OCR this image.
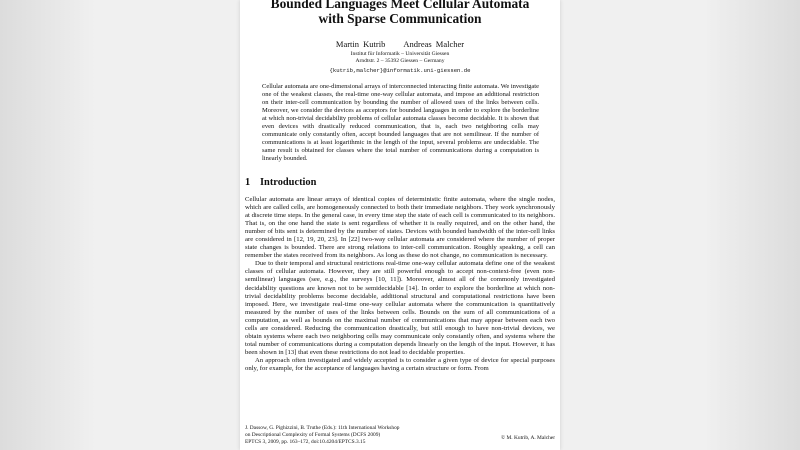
Bounded Languages Meet Cellular Automata
with Sparse Communication
Martin Kutrib Andreas Malcher
Institut für Informatik – Universität Giessen
Arndtstr. 2 – 35392 Giessen – Germany
{kutrib,malcher}@informatik.uni-giessen.de
Cellular automata are one-dimensional arrays of interconnected interacting finite automata. We investigate one of the weakest classes, the real-time one-way cellular automata, and impose an additional restriction on their inter-cell communication by bounding the number of allowed uses of the links between cells. Moreover, we consider the devices as acceptors for bounded languages in order to explore the borderline at which non-trivial decidability problems of cellular automata classes become decidable. It is shown that even devices with drastically reduced communication, that is, each two neighboring cells may communicate only constantly often, accept bounded languages that are not semilinear. If the number of communications is at least logarithmic in the length of the input, several problems are undecidable. The same result is obtained for classes where the total number of communications during a computation is linearly bounded.
1 Introduction

Cellular automata are linear arrays of identical copies of deterministic finite automata, where the single nodes, which are called cells, are homogeneously connected to both their immediate neighbors. They work synchronously at discrete time steps. In the general case, in every time step the state of each cell is communicated to its neighbors. That is, on the one hand the state is sent regardless of whether it is really required, and on the other hand, the number of bits sent is determined by the number of states. Devices with bounded bandwidth of the inter-cell links are considered in [12, 19, 20, 23]. In [22] two-way cellular automata are considered where the number of proper state changes is bounded. There are strong relations to inter-cell communication. Roughly speaking, a cell can remember the states received from its neighbors. As long as these do not change, no communication is necessary.

Due to their temporal and structural restrictions real-time one-way cellular automata define one of the weakest classes of cellular automata. However, they are still powerful enough to accept non-context-free (even non-semilinear) languages (see, e.g., the surveys [10, 11]). Moreover, almost all of the commonly investigated decidability questions are known not to be semidecidable [14]. In order to explore the borderline at which non-trivial decidability problems become decidable, additional structural and computational restrictions have been imposed. Here, we investigate real-time one-way cellular automata where the communication is quantitatively measured by the number of uses of the links between cells. Bounds on the sum of all communications of a computation, as well as bounds on the maximal number of communications that may appear between each two cells are considered. Reducing the communication drastically, but still enough to have non-trivial devices, we obtain systems where each two neighboring cells may communicate only constantly often, and systems where the total number of communications during a computation depends linearly on the length of the input. However, it has been shown in [13] that even these restrictions do not lead to decidable properties.

An approach often investigated and widely accepted is to consider a given type of device for special purposes only, for example, for the acceptance of languages having a certain structure or form. From

J. Dassow, G. Pighizzini, B. Truthe (Eds.): 11th International Workshop
on Descriptional Complexity of Formal Systems (DCFS 2009)
EPTCS 3, 2009, pp. 163–172, doi:10.4204/EPTCS.3.15
© M. Kutrib, A. Malcher
